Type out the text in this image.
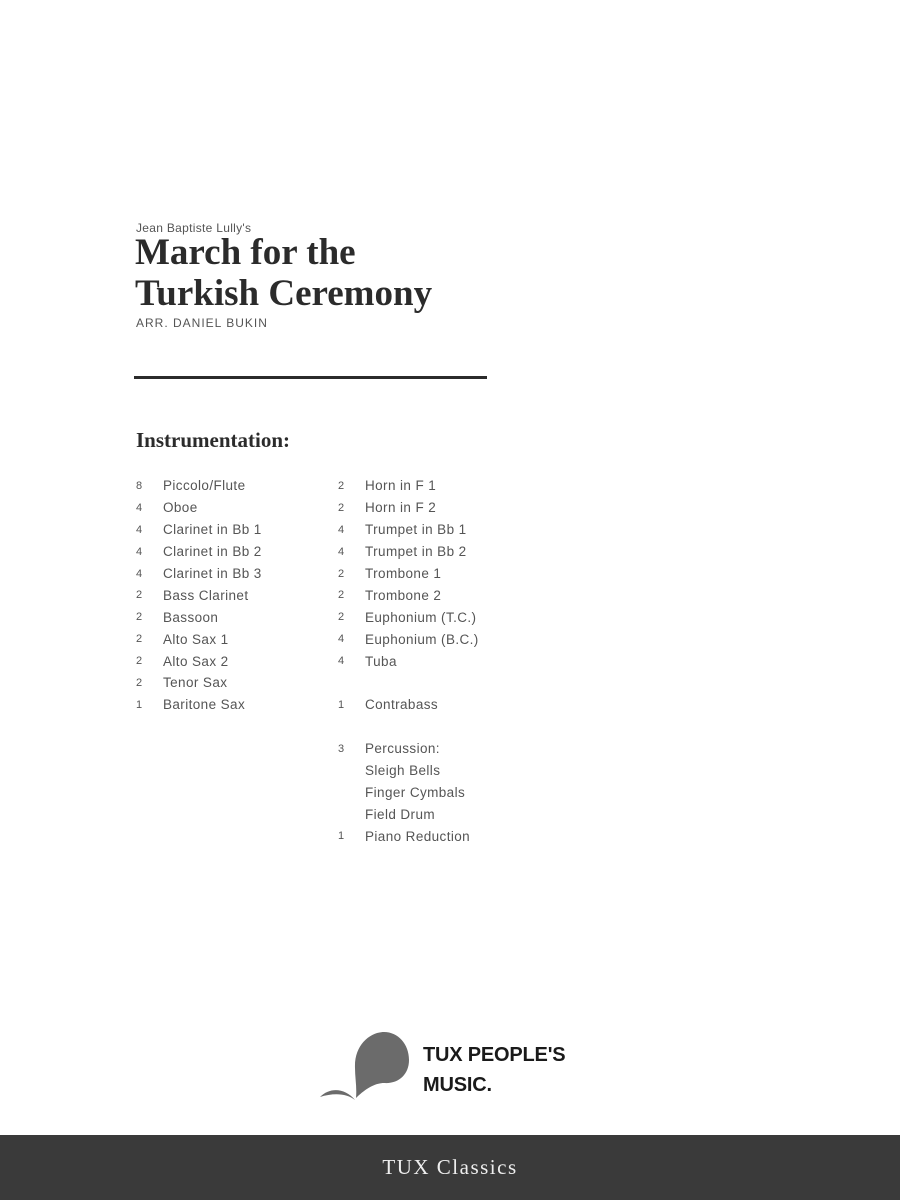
Jean Baptiste Lully's
March for the
Turkish Ceremony
ARR. DANIEL BUKIN
Instrumentation:
8	Piccolo/Flute
4	Oboe
4	Clarinet in Bb 1
4	Clarinet in Bb 2
4	Clarinet in Bb 3
2	Bass Clarinet
2	Bassoon
2	Alto Sax 1
2	Alto Sax 2
2	Tenor Sax
1	Baritone Sax
2	Horn in F 1
2	Horn in F 2
4	Trumpet in Bb 1
4	Trumpet in Bb 2
2	Trombone 1
2	Trombone 2
2	Euphonium (T.C.)
4	Euphonium (B.C.)
4	Tuba
1	Contrabass
3	Percussion:
Sleigh Bells
Finger Cymbals
Field Drum
1	Piano Reduction
TUX PEOPLE'S
MUSIC.
TUX Classics
